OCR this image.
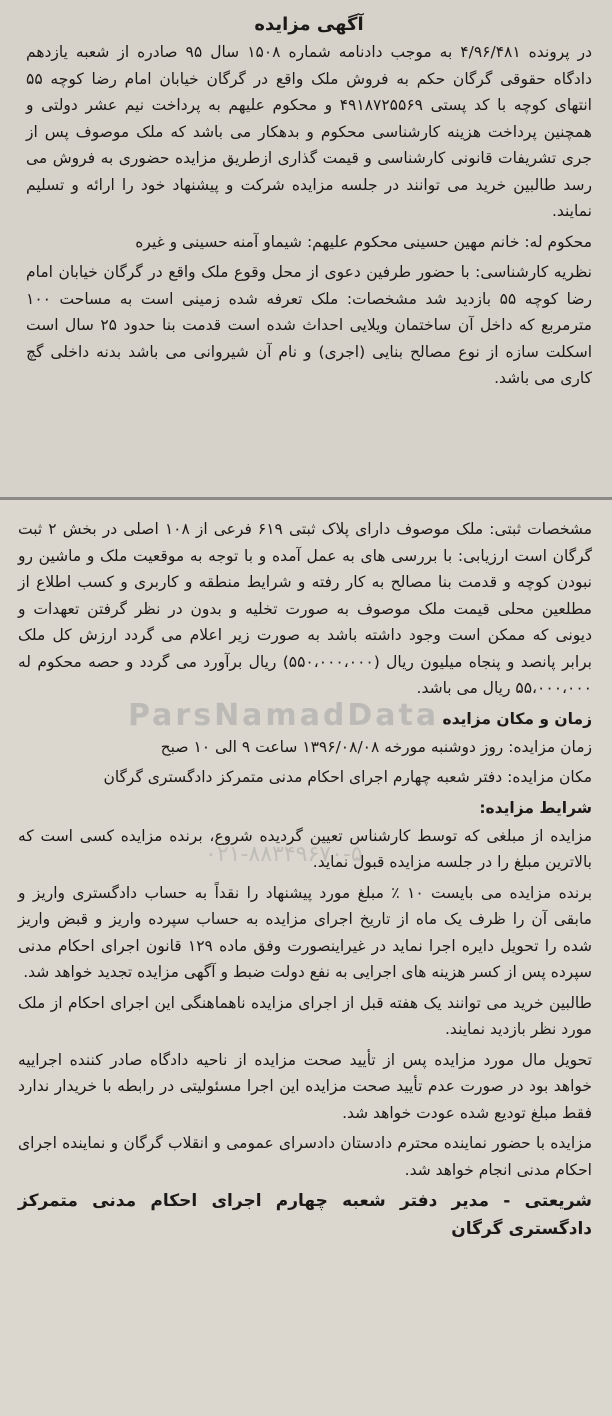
آگهی مزایده

در پرونده ۴/۹۶/۴۸۱ به موجب دادنامه شماره ۱۵۰۸ سال ۹۵ صادره از شعبه یازدهم دادگاه حقوقی گرگان حکم به فروش ملک واقع در گرگان خیابان امام رضا کوچه ۵۵ انتهای کوچه با کد پستی ۴۹۱۸۷۲۵۵۶۹ و محکوم علیهم به پرداخت نیم عشر دولتی و همچنین پرداخت هزینه کارشناسی محکوم و بدهکار می باشد که ملک موصوف پس از جری تشریفات قانونی کارشناسی و قیمت گذاری ازطریق مزایده حضوری به فروش می رسد طالبین خرید می توانند در جلسه مزایده شرکت و پیشنهاد خود را ارائه و تسلیم نمایند.

محکوم له: خانم مهین حسینی محکوم علیهم: شیماو آمنه حسینی و غیره

نظریه کارشناسی: با حضور طرفین دعوی از محل وقوع ملک واقع در گرگان خیابان امام رضا کوچه ۵۵ بازدید شد مشخصات: ملک تعرفه شده زمینی است به مساحت ۱۰۰ مترمربع که داخل آن ساختمان ویلایی احداث شده است قدمت بنا حدود ۲۵ سال است اسکلت سازه از نوع مصالح بنایی (اجری) و نام آن شیروانی می باشد بدنه داخلی گچ کاری می باشد.

مشخصات ثبتی: ملک موصوف دارای پلاک ثبتی ۶۱۹ فرعی از ۱۰۸ اصلی در بخش ۲ ثبت گرگان است ارزیابی: با بررسی های به عمل آمده و با توجه به موقعیت ملک و ماشین رو نبودن کوچه و قدمت بنا مصالح به کار رفته و شرایط منطقه و کاربری و کسب اطلاع از مطلعین محلی قیمت ملک موصوف به صورت تخلیه و بدون در نظر گرفتن تعهدات و دیونی که ممکن است وجود داشته باشد به صورت زیر اعلام می گردد ارزش کل ملک برابر پانصد و پنجاه میلیون ریال (۵۵۰،۰۰۰،۰۰۰) ریال برآورد می گردد و حصه محکوم له ۵۵،۰۰۰،۰۰۰ ریال می باشد.

زمان و مکان مزایده

زمان مزایده: روز دوشنبه مورخه ۱۳۹۶/۰۸/۰۸ ساعت ۹ الی ۱۰ صبح

مکان مزایده: دفتر شعبه چهارم اجرای احکام مدنی متمرکز دادگستری گرگان

شرایط مزایده:

مزایده از مبلغی که توسط کارشناس تعیین گردیده شروع، برنده مزایده کسی است که بالاترین مبلغ را در جلسه مزایده قبول نماید.

برنده مزایده می بایست ۱۰ ٪ مبلغ مورد پیشنهاد را نقداً به حساب دادگستری واریز و مابقی آن را ظرف یک ماه از تاریخ اجرای مزایده به حساب سپرده واریز و قبض واریز شده را تحویل دایره اجرا نماید در غیراینصورت وفق ماده ۱۲۹ قانون اجرای احکام مدنی سپرده پس از کسر هزینه های اجرایی به نفع دولت ضبط و آگهی مزایده تجدید خواهد شد.

طالبین خرید می توانند یک هفته قبل از اجرای مزایده ناهماهنگی این اجرای احکام از ملک مورد نظر بازدید نمایند.

تحویل مال مورد مزایده پس از تأیید صحت مزایده از ناحیه دادگاه صادر کننده اجراییه خواهد بود در صورت عدم تأیید صحت مزایده این اجرا مسئولیتی در رابطه با خریدار ندارد فقط مبلغ تودیع شده عودت خواهد شد.

مزایده با حضور نماینده محترم دادستان دادسرای عمومی و انقلاب گرگان و نماینده اجرای احکام مدنی انجام خواهد شد.

شریعتی - مدیر دفتر شعبه چهارم اجرای احکام مدنی متمرکز دادگستری گرگان
ParsNamadData
۰۲۱-۸۸۳۴۹۶۷۰-۵
